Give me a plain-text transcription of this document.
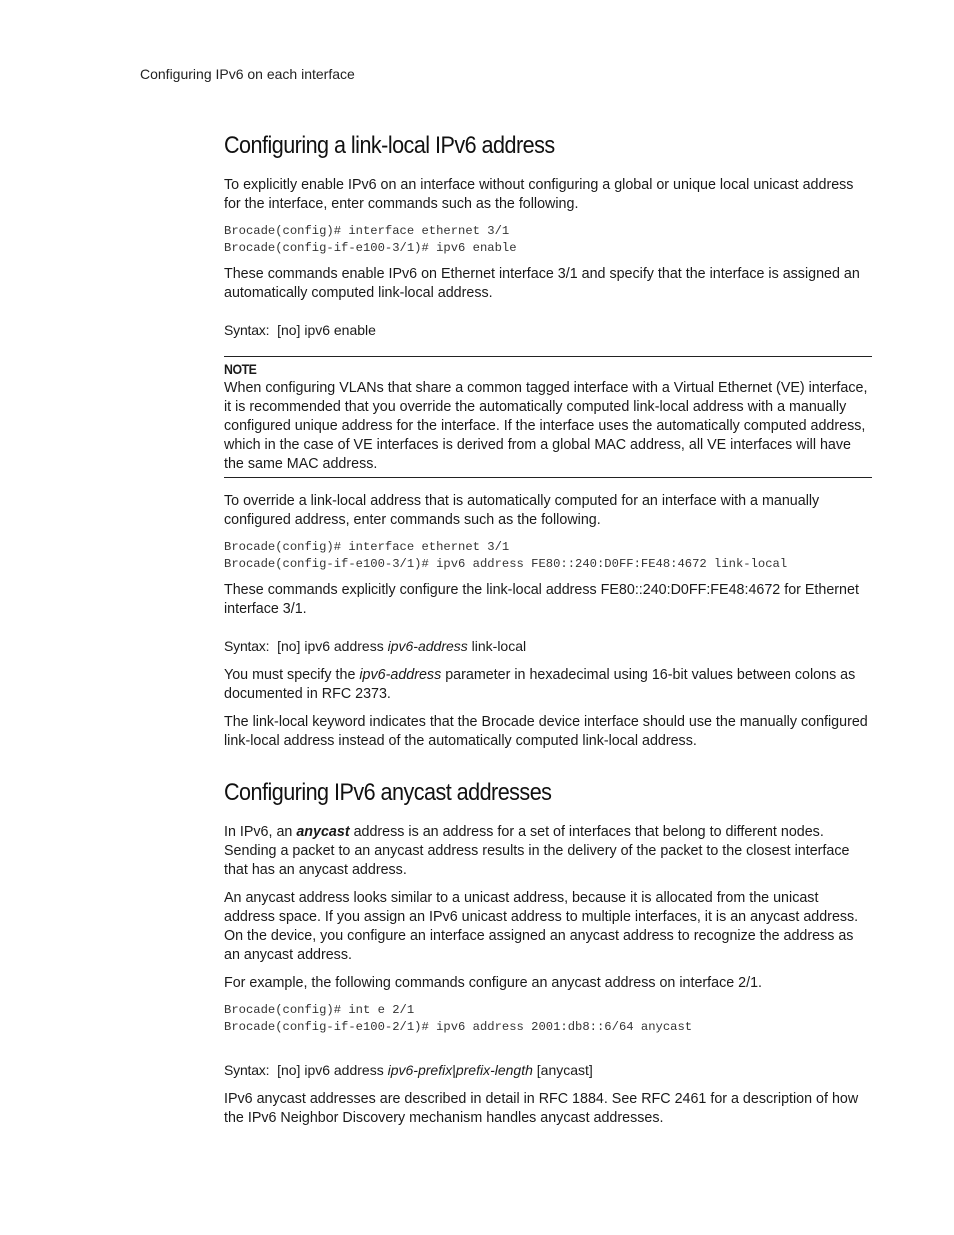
Configuring IPv6 on each interface
Configuring a link-local IPv6 address

To explicitly enable IPv6 on an interface without configuring a global or unique local unicast address for the interface, enter commands such as the following.

Brocade(config)# interface ethernet 3/1
Brocade(config-if-e100-3/1)# ipv6 enable

These commands enable IPv6 on Ethernet interface 3/1 and specify that the interface is assigned an automatically computed link-local address.

Syntax: [no] ipv6 enable
NOTE

When configuring VLANs that share a common tagged interface with a Virtual Ethernet (VE) interface, it is recommended that you override the automatically computed link-local address with a manually configured unique address for the interface. If the interface uses the automatically computed address, which in the case of VE interfaces is derived from a global MAC address, all VE interfaces will have the same MAC address.

To override a link-local address that is automatically computed for an interface with a manually configured address, enter commands such as the following.

Brocade(config)# interface ethernet 3/1
Brocade(config-if-e100-3/1)# ipv6 address FE80::240:D0FF:FE48:4672 link-local

These commands explicitly configure the link-local address FE80::240:D0FF:FE48:4672 for Ethernet interface 3/1.

Syntax: [no] ipv6 address ipv6-address link-local

You must specify the ipv6-address parameter in hexadecimal using 16-bit values between colons as documented in RFC 2373.

The link-local keyword indicates that the Brocade device interface should use the manually configured link-local address instead of the automatically computed link-local address.

Configuring IPv6 anycast addresses

In IPv6, an anycast address is an address for a set of interfaces that belong to different nodes. Sending a packet to an anycast address results in the delivery of the packet to the closest interface that has an anycast address.

An anycast address looks similar to a unicast address, because it is allocated from the unicast address space. If you assign an IPv6 unicast address to multiple interfaces, it is an anycast address. On the device, you configure an interface assigned an anycast address to recognize the address as an anycast address.

For example, the following commands configure an anycast address on interface 2/1.

Brocade(config)# int e 2/1
Brocade(config-if-e100-2/1)# ipv6 address 2001:db8::6/64 anycast
Syntax: [no] ipv6 address ipv6-prefix|prefix-length [anycast]

IPv6 anycast addresses are described in detail in RFC 1884. See RFC 2461 for a description of how the IPv6 Neighbor Discovery mechanism handles anycast addresses.
